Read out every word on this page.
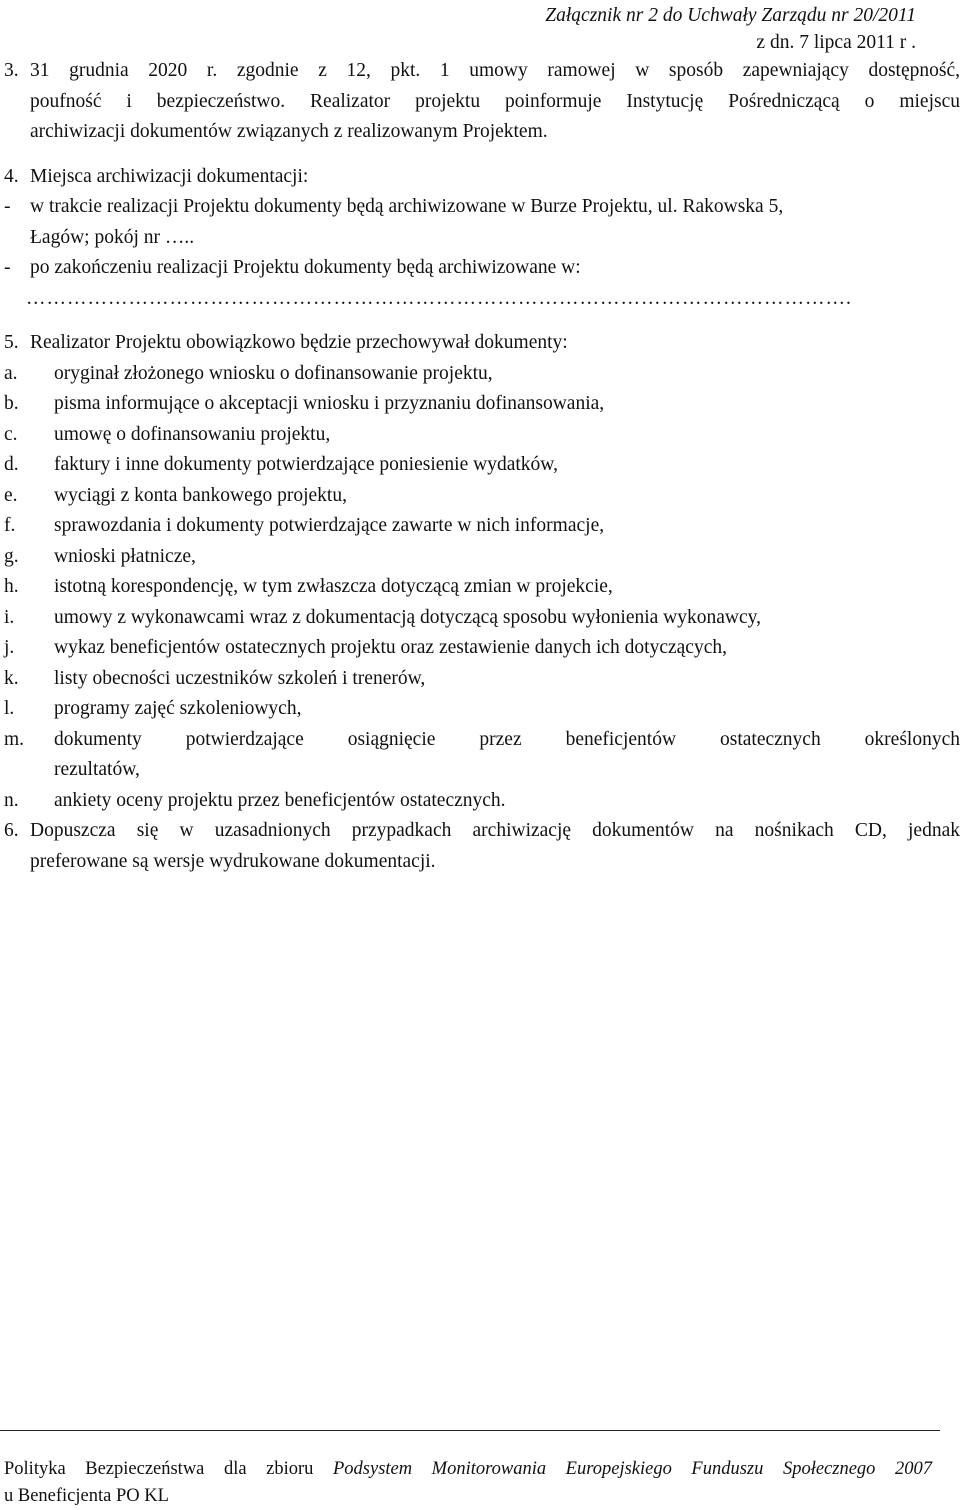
Załącznik nr 2 do Uchwały Zarządu nr 20/2011
z dn. 7 lipca 2011 r .
3. 31 grudnia 2020 r. zgodnie z 12, pkt. 1 umowy ramowej w sposób zapewniający dostępność,
poufność i bezpieczeństwo. Realizator projektu poinformuje Instytucję Pośredniczącą o miejscu
archiwizacji dokumentów związanych z realizowanym Projektem.
4. Miejsca archiwizacji dokumentacji:
-	w trakcie realizacji Projektu dokumenty będą archiwizowane w Burze Projektu, ul. Rakowska 5,
Łagów; pokój nr …..
-	po zakończeniu realizacji Projektu dokumenty będą archiwizowane w:
………………………………………………………………………………………………………….
5. Realizator Projektu obowiązkowo będzie przechowywał dokumenty:
a.	oryginał złożonego wniosku o dofinansowanie projektu,
b.	pisma informujące o akceptacji wniosku i przyznaniu dofinansowania,
c.	umowę o dofinansowaniu projektu,
d.	faktury i inne dokumenty potwierdzające poniesienie wydatków,
e.	wyciągi z konta bankowego projektu,
f.	sprawozdania i dokumenty potwierdzające zawarte w nich informacje,
g.	wnioski płatnicze,
h.	istotną korespondencję, w tym zwłaszcza dotyczącą zmian w projekcie,
i.	umowy z wykonawcami wraz z dokumentacją dotyczącą sposobu wyłonienia wykonawcy,
j.	wykaz beneficjentów ostatecznych projektu oraz zestawienie danych ich dotyczących,
k.	listy obecności uczestników szkoleń i trenerów,
l.	programy zajęć szkoleniowych,
m.	dokumenty potwierdzające osiągnięcie przez beneficjentów ostatecznych określonych
rezultatów,
n.	ankiety oceny projektu przez beneficjentów ostatecznych.
6. Dopuszcza się w uzasadnionych przypadkach archiwizację dokumentów na nośnikach CD, jednak
preferowane są wersje wydrukowane dokumentacji.
Polityka Bezpieczeństwa dla zbioru Podsystem Monitorowania Europejskiego Funduszu Społecznego 2007
u Beneficjenta PO KL
